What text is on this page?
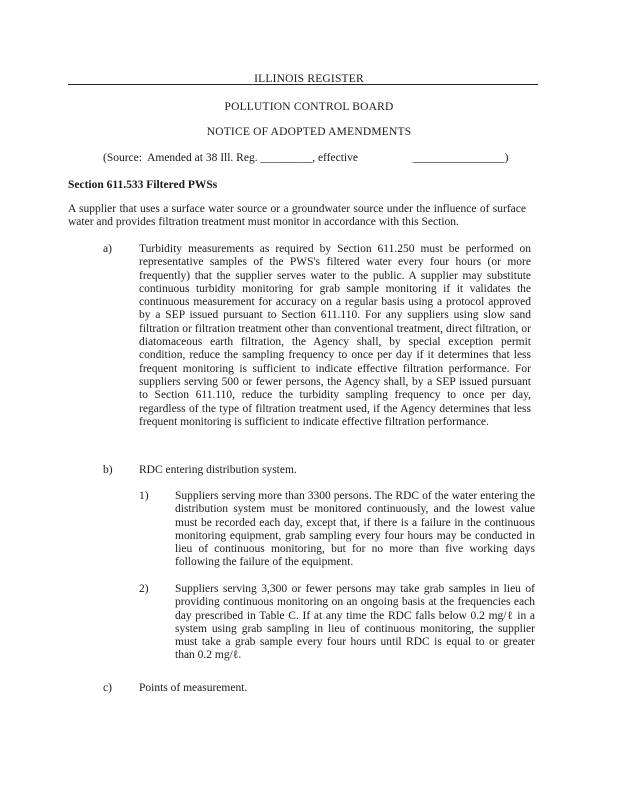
ILLINOIS REGISTER
POLLUTION CONTROL BOARD
NOTICE OF ADOPTED AMENDMENTS
(Source:  Amended at 38 Ill. Reg. _________, effective                   ________________)
Section 611.533 Filtered PWSs
A supplier that uses a surface water source or a groundwater source under the influence of surface water and provides filtration treatment must monitor in accordance with this Section.
a) Turbidity measurements as required by Section 611.250 must be performed on representative samples of the PWS's filtered water every four hours (or more frequently) that the supplier serves water to the public. A supplier may substitute continuous turbidity monitoring for grab sample monitoring if it validates the continuous measurement for accuracy on a regular basis using a protocol approved by a SEP issued pursuant to Section 611.110. For any suppliers using slow sand filtration or filtration treatment other than conventional treatment, direct filtration, or diatomaceous earth filtration, the Agency shall, by special exception permit condition, reduce the sampling frequency to once per day if it determines that less frequent monitoring is sufficient to indicate effective filtration performance. For suppliers serving 500 or fewer persons, the Agency shall, by a SEP issued pursuant to Section 611.110, reduce the turbidity sampling frequency to once per day, regardless of the type of filtration treatment used, if the Agency determines that less frequent monitoring is sufficient to indicate effective filtration performance.
b) RDC entering distribution system.
1) Suppliers serving more than 3300 persons. The RDC of the water entering the distribution system must be monitored continuously, and the lowest value must be recorded each day, except that, if there is a failure in the continuous monitoring equipment, grab sampling every four hours may be conducted in lieu of continuous monitoring, but for no more than five working days following the failure of the equipment.
2) Suppliers serving 3,300 or fewer persons may take grab samples in lieu of providing continuous monitoring on an ongoing basis at the frequencies each day prescribed in Table C. If at any time the RDC falls below 0.2 mg/ℓ in a system using grab sampling in lieu of continuous monitoring, the supplier must take a grab sample every four hours until RDC is equal to or greater than 0.2 mg/ℓ.
c) Points of measurement.
